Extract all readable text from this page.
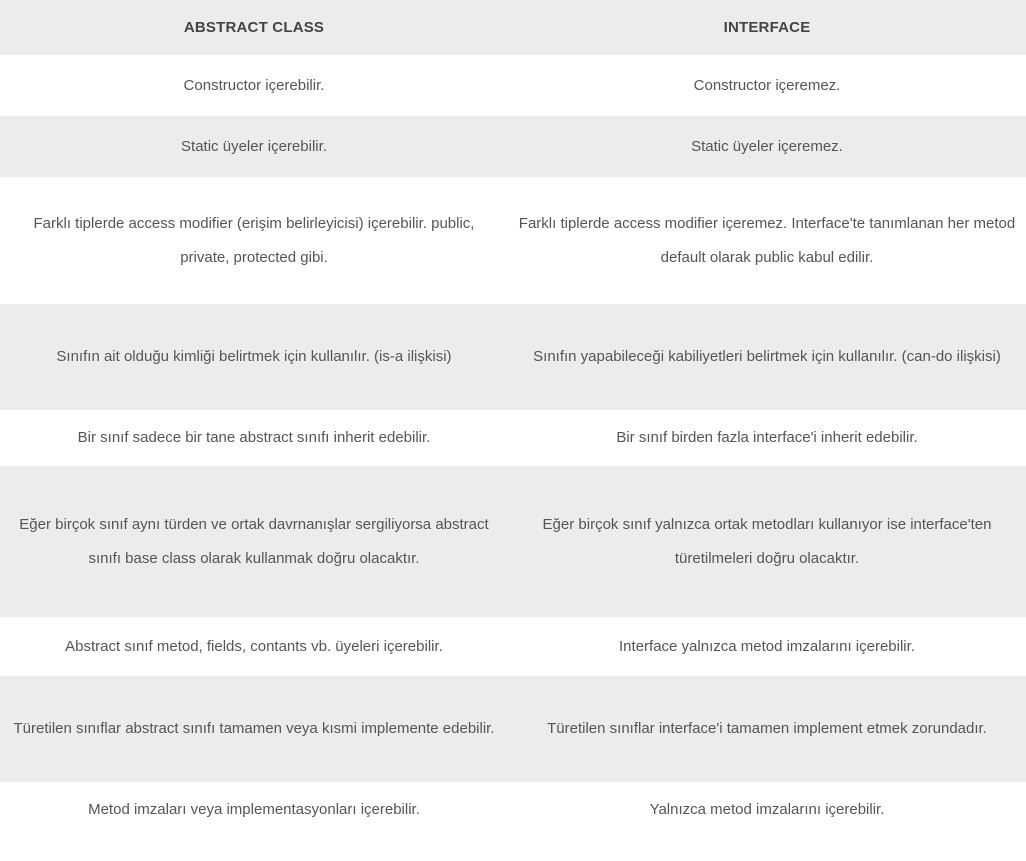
ABSTRACT CLASS	INTERFACE
Constructor içerebilir.	Constructor içeremez.
Static üyeler içerebilir.	Static üyeler içeremez.
Farklı tiplerde access modifier (erişim belirleyicisi) içerebilir. public, private, protected gibi.	Farklı tiplerde access modifier içeremez. Interface'te tanımlanan her metod default olarak public kabul edilir.
Sınıfın ait olduğu kimliği belirtmek için kullanılır. (is-a ilişkisi)	Sınıfın yapabileceği kabiliyetleri belirtmek için kullanılır. (can-do ilişkisi)
Bir sınıf sadece bir tane abstract sınıfı inherit edebilir.	Bir sınıf birden fazla interface'i inherit edebilir.
Eğer birçok sınıf aynı türden ve ortak davrnanışlar sergiliyorsa abstract sınıfı base class olarak kullanmak doğru olacaktır.	Eğer birçok sınıf yalnızca ortak metodları kullanıyor ise interface'ten türetilmeleri doğru olacaktır.
Abstract sınıf metod, fields, contants vb. üyeleri içerebilir.	Interface yalnızca metod imzalarını içerebilir.
Türetilen sınıflar abstract sınıfı tamamen veya kısmi implemente edebilir.	Türetilen sınıflar interface'i tamamen implement etmek zorundadır.
Metod imzaları veya implementasyonları içerebilir.	Yalnızca metod imzalarını içerebilir.
